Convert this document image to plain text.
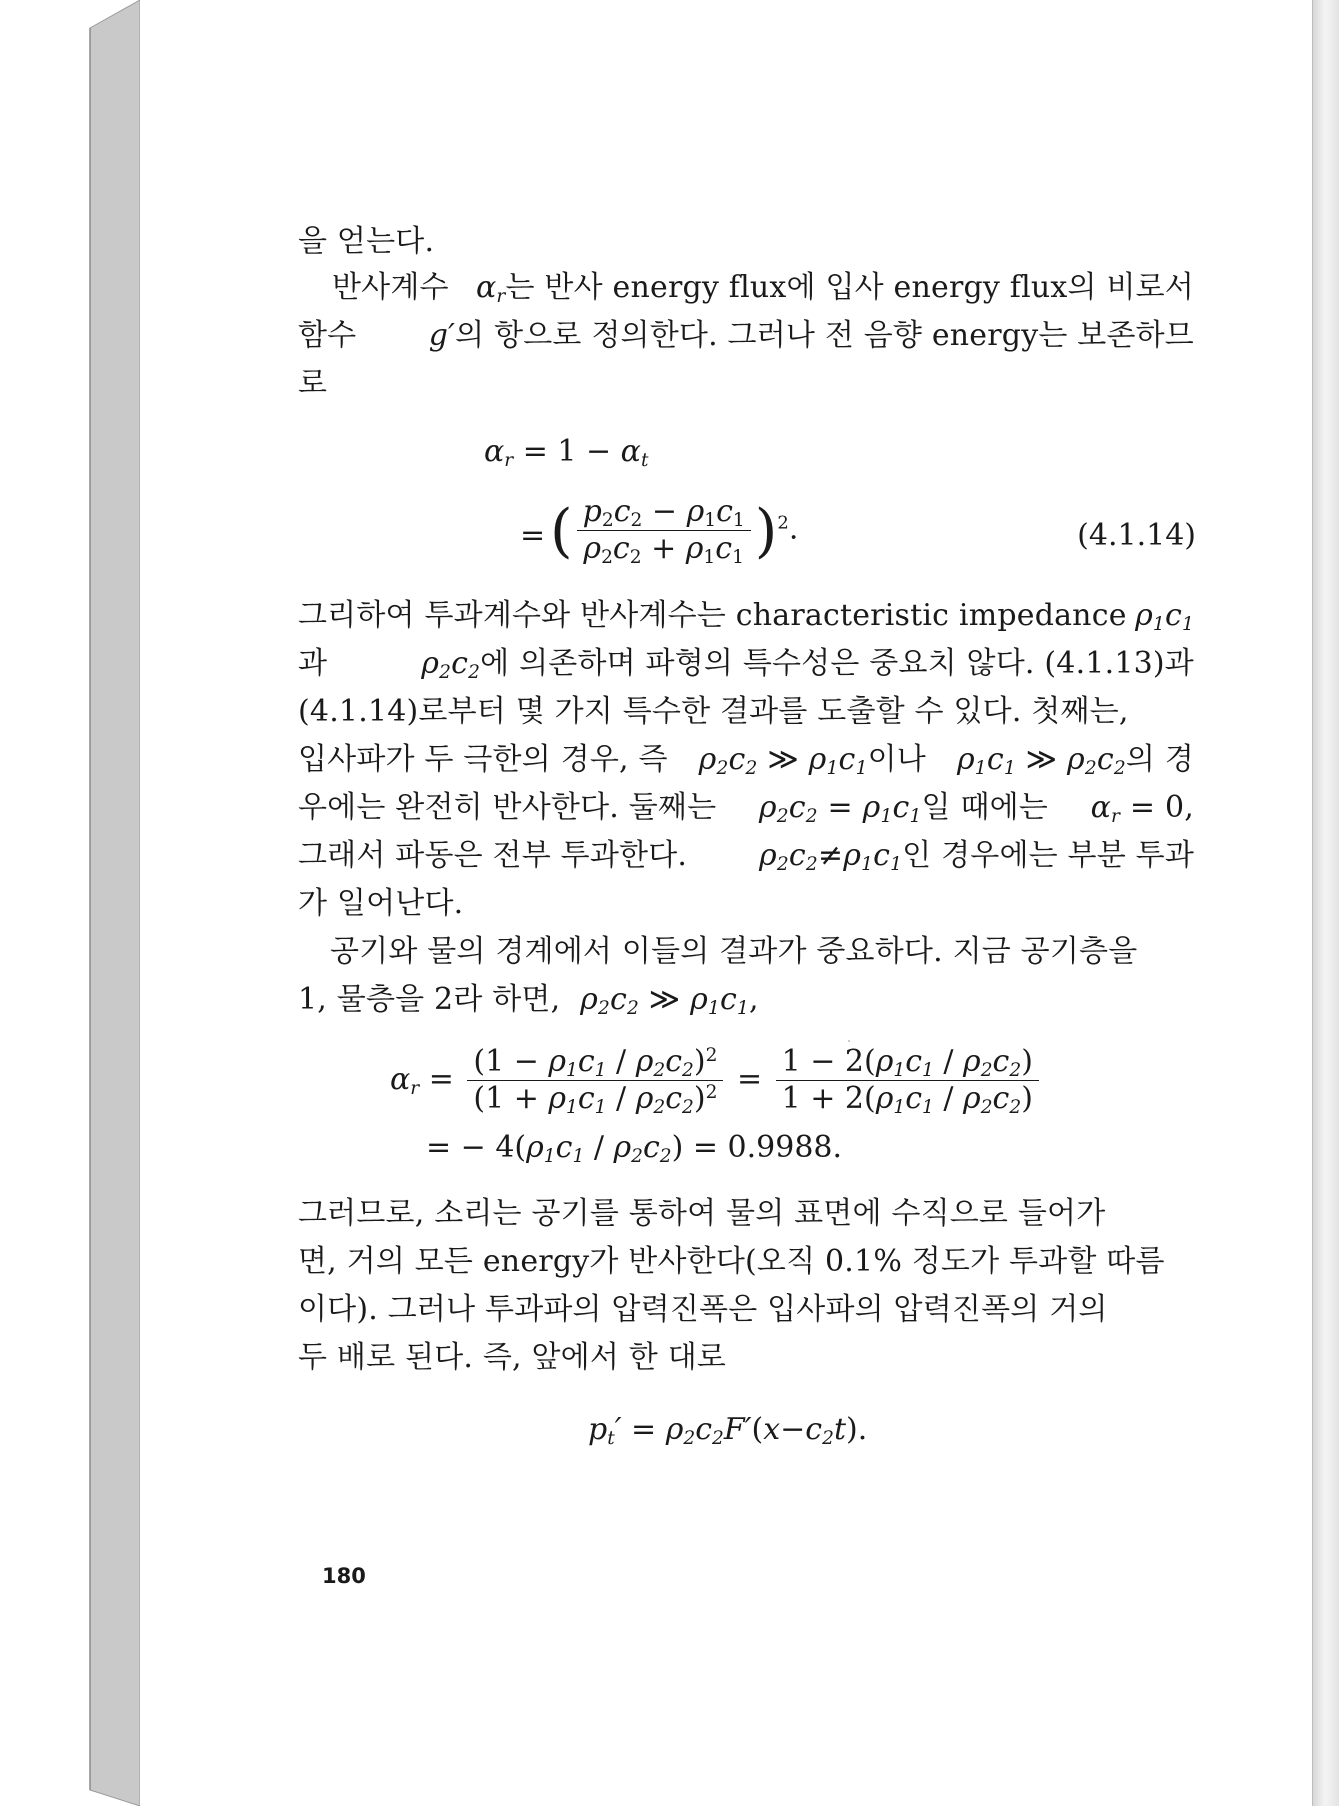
을 얻는다.
반사계수 $\alpha_r$는 반사 energy flux에 입사 energy flux의 비로서
함수 g′의 항으로 정의한다. 그러나 전 음향 energy는 보존하므
로
$\alpha_r = 1 - \alpha_t$
= ( $\frac{p_2c_2 - \rho_1c_1}{\rho_2c_2 + \rho_1c_1} )^2$.	(4.1.14)
그리하여 투과계수와 반사계수는 characteristic impedance $\rho_1c_1$
과	$\rho_2c_2$에 의존하며 파형의 특수성은 중요치 않다. (4.1.13)과
(4.1.14)로부터 몇 가지 특수한 결과를 도출할 수 있다. 첫째는,
입사파가 두 극한의 경우, 즉 $\rho_2c_2$ ≫ $\rho_1c_1$이나 $\rho_1c_1$ ≫ $\rho_2c_2$의 경
우에는 완전히 반사한다. 둘째는 $\rho_2c_2 = \rho_1c_1$일 때에는 $\alpha_r = 0$,
그래서 파동은 전부 투과한다. $\rho_2c_2\ne\rho_1c_1$인 경우에는 부분 투과
가 일어난다.
공기와 물의 경계에서 이들의 결과가 중요하다. 지금 공기층을
1, 물층을 2라 하면, $\rho_2c_2$ ≫ $\rho_1c_1$,
$\alpha_r = \frac{(1 - \rho_1c_1 / \rho_2c_2)^2}{(1 + \rho_1c_1 / \rho_2c_2)^2} = \frac{1 - 2(\rho_1c_1 / \rho_2c_2)}{1 + 2(\rho_1c_1 / \rho_2c_2)}$
= − $4(\rho_1c_1 / \rho_2c_2) = 0.9988$.
그러므로, 소리는 공기를 통하여 물의 표면에 수직으로 들어가
면, 거의 모든 energy가 반사한다(오직 0.1% 정도가 투과할 따름
이다). 그러나 투과파의 압력진폭은 입사파의 압력진폭의 거의
두 배로 된다. 즉, 앞에서 한 대로
$p_t' = \rho_2c_2F'(x-c_2t)$.
180
